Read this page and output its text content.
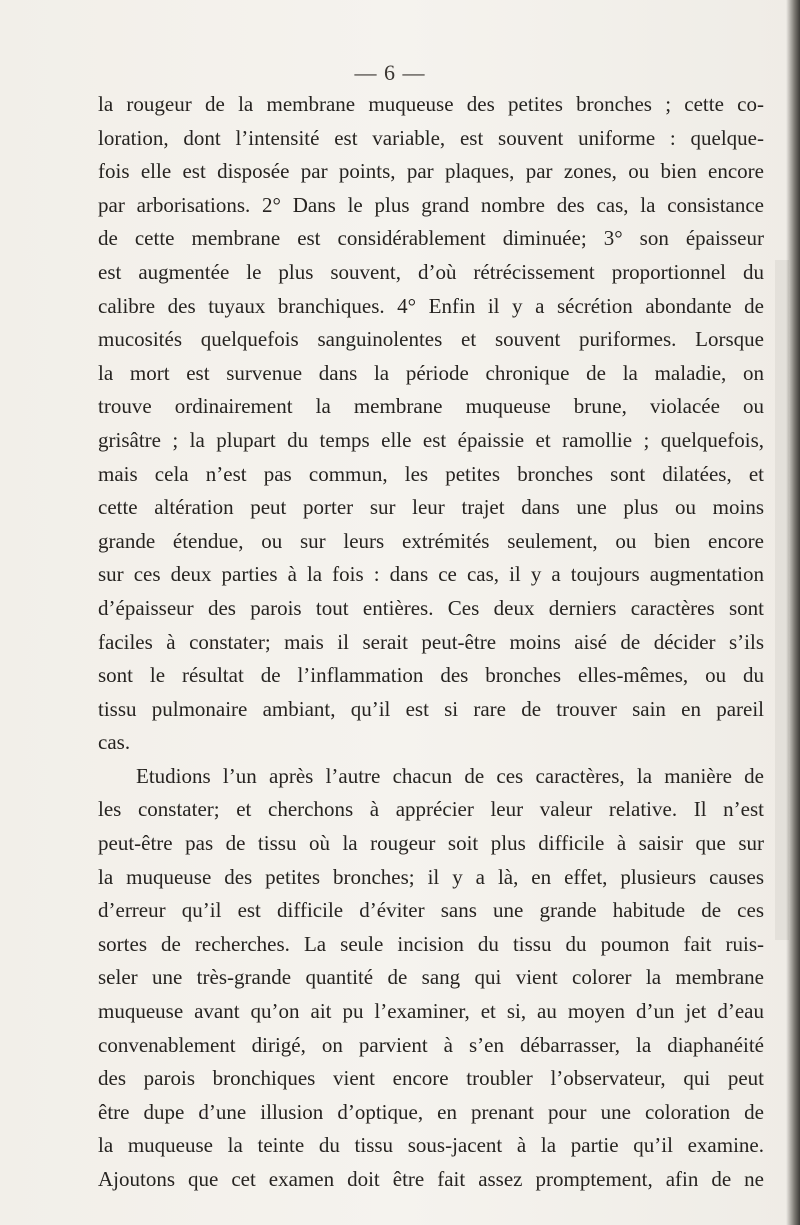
— 6 —
la rougeur de la membrane muqueuse des petites bronches ; cette co-
loration, dont l’intensité est variable, est souvent uniforme : quelque-
fois elle est disposée par points, par plaques, par zones, ou bien encore
par arborisations. 2° Dans le plus grand nombre des cas, la consistance
de cette membrane est considérablement diminuée; 3° son épaisseur
est augmentée le plus souvent, d’où rétrécissement proportionnel du
calibre des tuyaux branchiques. 4° Enfin il y a sécrétion abondante de
mucosités quelquefois sanguinolentes et souvent puriformes. Lorsque
la mort est survenue dans la période chronique de la maladie, on
trouve ordinairement la membrane muqueuse brune, violacée ou
grisâtre ; la plupart du temps elle est épaissie et ramollie ; quelquefois,
mais cela n’est pas commun, les petites bronches sont dilatées, et
cette altération peut porter sur leur trajet dans une plus ou moins
grande étendue, ou sur leurs extrémités seulement, ou bien encore
sur ces deux parties à la fois : dans ce cas, il y a toujours augmentation
d’épaisseur des parois tout entières. Ces deux derniers caractères sont
faciles à constater; mais il serait peut-être moins aisé de décider s’ils
sont le résultat de l’inflammation des bronches elles-mêmes, ou du
tissu pulmonaire ambiant, qu’il est si rare de trouver sain en pareil
cas.
Etudions l’un après l’autre chacun de ces caractères, la manière de
les constater; et cherchons à apprécier leur valeur relative. Il n’est
peut-être pas de tissu où la rougeur soit plus difficile à saisir que sur
la muqueuse des petites bronches; il y a là, en effet, plusieurs causes
d’erreur qu’il est difficile d’éviter sans une grande habitude de ces
sortes de recherches. La seule incision du tissu du poumon fait ruis-
seler une très-grande quantité de sang qui vient colorer la membrane
muqueuse avant qu’on ait pu l’examiner, et si, au moyen d’un jet d’eau
convenablement dirigé, on parvient à s’en débarrasser, la diaphanéité
des parois bronchiques vient encore troubler l’observateur, qui peut
être dupe d’une illusion d’optique, en prenant pour une coloration de
la muqueuse la teinte du tissu sous-jacent à la partie qu’il examine.
Ajoutons que cet examen doit être fait assez promptement, afin de ne
